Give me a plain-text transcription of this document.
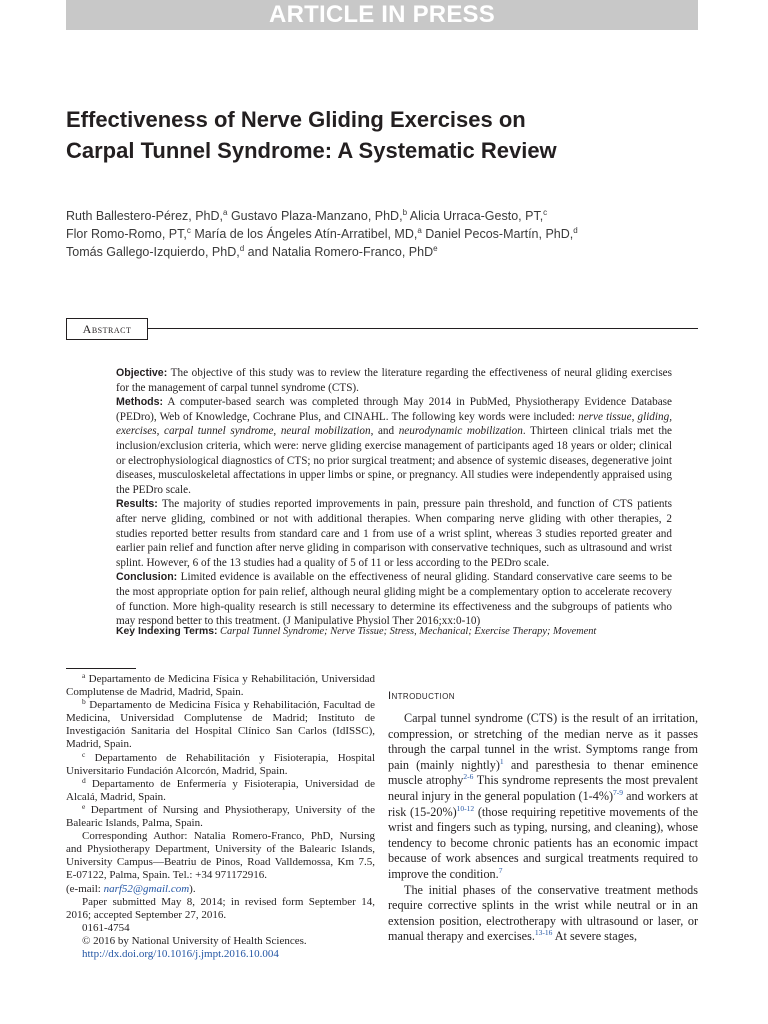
ARTICLE IN PRESS
Effectiveness of Nerve Gliding Exercises on Carpal Tunnel Syndrome: A Systematic Review
Ruth Ballestero-Pérez, PhD,$^a$ Gustavo Plaza-Manzano, PhD,$^b$ Alicia Urraca-Gesto, PT,$^c$
Flor Romo-Romo, PT,$^c$ María de los Ángeles Atín-Arratibel, MD,$^a$ Daniel Pecos-Martín, PhD,$^d$
Tomás Gallego-Izquierdo, PhD,$^d$ and Natalia Romero-Franco, PhD$^e$
Abstract

Objective: The objective of this study was to review the literature regarding the effectiveness of neural gliding exercises for the management of carpal tunnel syndrome (CTS).

Methods: A computer-based search was completed through May 2014 in PubMed, Physiotherapy Evidence Database (PEDro), Web of Knowledge, Cochrane Plus, and CINAHL. The following key words were included: nerve tissue, gliding, exercises, carpal tunnel syndrome, neural mobilization, and neurodynamic mobilization. Thirteen clinical trials met the inclusion/exclusion criteria, which were: nerve gliding exercise management of participants aged 18 years or older; clinical or electrophysiological diagnostics of CTS; no prior surgical treatment; and absence of systemic diseases, degenerative joint diseases, musculoskeletal affectations in upper limbs or spine, or pregnancy. All studies were independently appraised using the PEDro scale.

Results: The majority of studies reported improvements in pain, pressure pain threshold, and function of CTS patients after nerve gliding, combined or not with additional therapies. When comparing nerve gliding with other therapies, 2 studies reported better results from standard care and 1 from use of a wrist splint, whereas 3 studies reported greater and earlier pain relief and function after nerve gliding in comparison with conservative techniques, such as ultrasound and wrist splint. However, 6 of the 13 studies had a quality of 5 of 11 or less according to the PEDro scale.

Conclusion: Limited evidence is available on the effectiveness of neural gliding. Standard conservative care seems to be the most appropriate option for pain relief, although neural gliding might be a complementary option to accelerate recovery of function. More high-quality research is still necessary to determine its effectiveness and the subgroups of patients who may respond better to this treatment. (J Manipulative Physiol Ther 2016;xx:0-10)

Key Indexing Terms: Carpal Tunnel Syndrome; Nerve Tissue; Stress, Mechanical; Exercise Therapy; Movement

$^a$ Departamento de Medicina Física y Rehabilitación, Universidad Complutense de Madrid, Madrid, Spain.

$^b$ Departamento de Medicina Física y Rehabilitación, Facultad de Medicina, Universidad Complutense de Madrid; Instituto de Investigación Sanitaria del Hospital Clínico San Carlos (IdISSC), Madrid, Spain.

$^c$ Departamento de Rehabilitación y Fisioterapia, Hospital Universitario Fundación Alcorcón, Madrid, Spain.

$^d$ Departamento de Enfermería y Fisioterapia, Universidad de Alcalá, Madrid, Spain.

$^e$ Department of Nursing and Physiotherapy, University of the Balearic Islands, Palma, Spain.

Corresponding Author: Natalia Romero-Franco, PhD, Nursing and Physiotherapy Department, University of the Balearic Islands, University Campus—Beatriu de Pinos, Road Valldemossa, Km 7.5, E-07122, Palma, Spain. Tel.: +34 971172916.

(e-mail: narf52@gmail.com).

Paper submitted May 8, 2014; in revised form September 14, 2016; accepted September 27, 2016.

0161-4754

© 2016 by National University of Health Sciences.

http://dx.doi.org/10.1016/j.jmpt.2016.10.004

Introduction

Carpal tunnel syndrome (CTS) is the result of an irritation, compression, or stretching of the median nerve as it passes through the carpal tunnel in the wrist. Symptoms range from pain (mainly nightly)$^1$ and paresthesia to thenar eminence muscle atrophy$^{2-6}$ This syndrome represents the most prevalent neural injury in the general population $(1-4\%)^{7-9}$ and workers at risk $(15-20\%)^{10-12}$ (those requiring repetitive movements of the wrist and fingers such as typing, nursing, and cleaning), whose tendency to become chronic patients has an economic impact because of work absences and surgical treatments required to improve the condition.$^7$

The initial phases of the conservative treatment methods require corrective splints in the wrist while neutral or in an extension position, electrotherapy with ultrasound or laser, or manual therapy and exercises.$^{13-16}$ At severe stages,
